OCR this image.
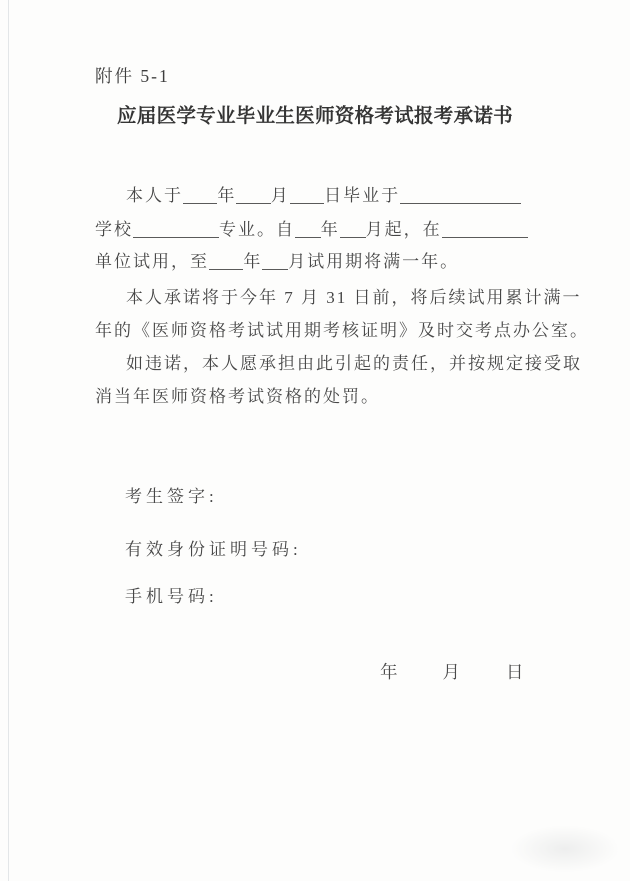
附件 5-1
应届医学专业毕业生医师资格考试报考承诺书
本人于 年 月 日毕业于
学校	专业。自 年 月起，在
单位试用，至 年 月试用期将满一年。
本人承诺将于今年 7 月 31 日前，将后续试用累计满一
年的《医师资格考试试用期考核证明》及时交考点办公室。
如违诺，本人愿承担由此引起的责任，并按规定接受取
消当年医师资格考试资格的处罚。
考生签字:
有效身份证明号码:
手机号码:
年	月	日
